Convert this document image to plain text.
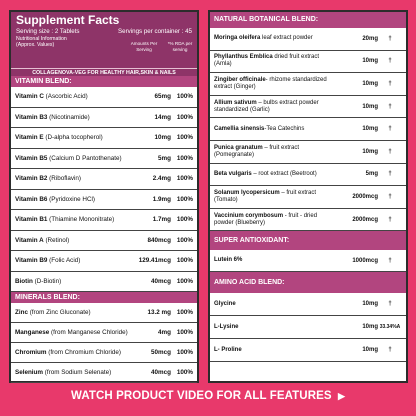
Supplement Facts
Serving size : 2 Tablets	Servings per container : 45
Nutritional Information
(Approx. Values)	Amounts Per Serving
*% RDA per serving
COLLAGENOVA-VEG FOR HEALTHY HAIR,SKIN & NAILS
VITAMIN BLEND:
Vitamin C (Ascorbic Acid)	65mg 100%
Vitamin B3 (Nicotinamide)	14mg 100%
Vitamin E (D-alpha tocopherol)	10mg 100%
Vitamin B5 (Calcium D Pantothenate)	5mg 100%
Vitamin B2 (Riboflavin)	2.4mg 100%
Vitamin B6 (Pyridoxine HCl)	1.9mg 100%
Vitamin B1 (Thiamine Mononitrate)	1.7mg 100%
Vitamin A (Retinol)	840mcg 100%
Vitamin B9 (Folic Acid)	129.41mcg 100%
Biotin (D-Biotin)	40mcg 100%
MINERALS BLEND:
Zinc (from Zinc Gluconate)	13.2 mg 100%
Manganese (from Manganese Chloride)	4mg 100%
Chromium (from Chromium Chloride)	50mcg 100%
Selenium (from Sodium Selenate)	40mcg 100%
NATURAL BOTANICAL BLEND:
Moringa oleifera leaf extract powder	20mg	†
Phyllanthus Emblica dried fruit extract (Amla)	10mg	†
Zingiber officinale- rhizome standardized extract (Ginger)	10mg	†
Allium sativum – bulbs extract powder standardized (Garlic)	10mg	†
Camellia sinensis-Tea Catechins	10mg	†
Punica granatum – fruit extract (Pomegranate)	10mg	†
Beta vulgaris – root extract (Beetroot)	5mg	†
Solanum lycopersicum – fruit extract (Tomato)	2000mcg	†
Vaccinium corymbosum - fruit - dried powder (Blueberry)	2000mcg	†
SUPER ANTIOXIDANT:
Lutein 6%	1000mcg	†
AMINO ACID BLEND:
Glycine	10mg	†
L-Lysine	10mg 33.34%A
L- Proline	10mg	†
WATCH PRODUCT VIDEO FOR ALL FEATURES ▶
